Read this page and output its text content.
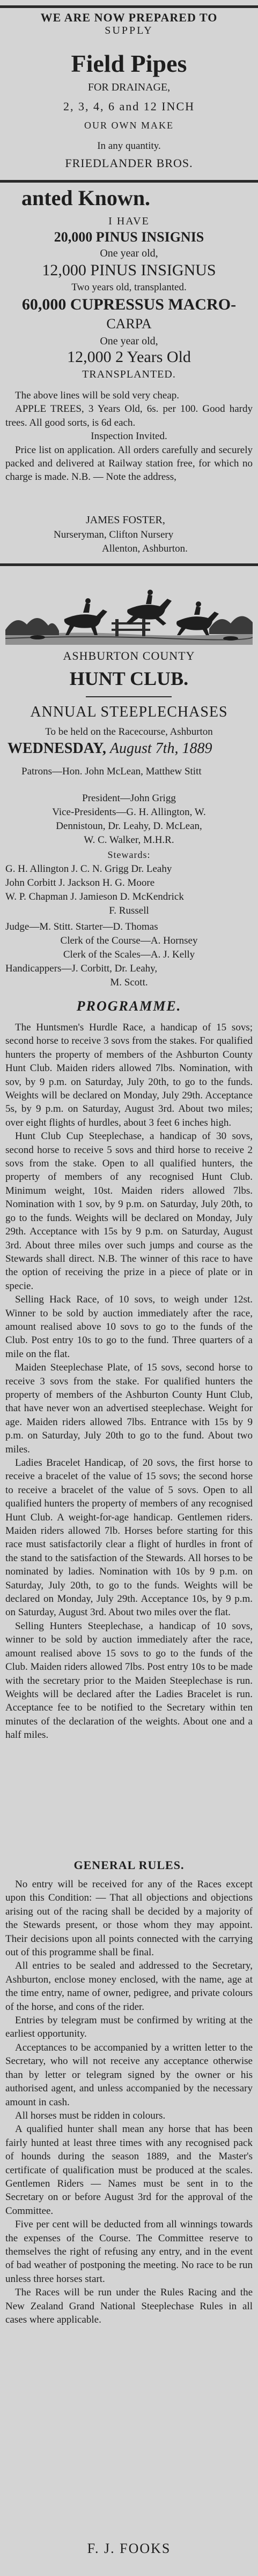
WE ARE NOW PREPARED TO
SUPPLY
Field Pipes
FOR DRAINAGE,
2, 3, 4, 6 and 12 INCH
OUR OWN MAKE
In any quantity.
FRIEDLANDER BROS.
anted Known.
I HAVE
20,000 PINUS INSIGNIS
One year old,
12,000 PINUS INSIGNUS
Two years old, transplanted.
60,000 CUPRESSUS MACRO-
CARPA
One year old,
12,000 2 Years Old
TRANSPLANTED.

The above lines will be sold very cheap.

APPLE TREES, 3 Years Old, 6s. per 100. Good hardy trees. All good sorts, is 6d each.

Inspection Invited.

Price list on application. All orders carefully and securely packed and delivered at Railway station free, for which no charge is made. N.B. — Note the address,

JAMES FOSTER,
Nurseryman, Clifton Nursery
Allenton, Ashburton.
ASHBURTON COUNTY
HUNT CLUB.
ANNUAL STEEPLECHASES
To be held on the Racecourse, Ashburton
WEDNESDAY, August 7th, 1889
Patrons—Hon. John McLean, Matthew Stitt
President—John Grigg
Vice-Presidents—G. H. Allington, W.
Dennistoun, Dr. Leahy, D. McLean,
W. C. Walker, M.H.R.
Stewards:
G. H. Allington J. C. N. Grigg Dr. Leahy
John Corbitt J. Jackson H. G. Moore
W. P. Chapman J. Jamieson D. McKendrick
F. Russell
Judge—M. Stitt. Starter—D. Thomas
Clerk of the Course—A. Hornsey
Clerk of the Scales—A. J. Kelly
Handicappers—J. Corbitt, Dr. Leahy,
M. Scott.
PROGRAMME.

The Huntsmen's Hurdle Race, a handicap of 15 sovs; second horse to receive 3 sovs from the stakes. For qualified hunters the property of members of the Ashburton County Hunt Club. Maiden riders allowed 7lbs. Nomination, with sov, by 9 p.m. on Saturday, July 20th, to go to the funds. Weights will be declared on Monday, July 29th. Acceptance 5s, by 9 p.m. on Saturday, August 3rd. About two miles; over eight flights of hurdles, about 3 feet 6 inches high.

Hunt Club Cup Steeplechase, a handicap of 30 sovs, second horse to receive 5 sovs and third horse to receive 2 sovs from the stake. Open to all qualified hunters, the property of members of any recognised Hunt Club. Minimum weight, 10st. Maiden riders allowed 7lbs. Nomination with 1 sov, by 9 p.m. on Saturday, July 20th, to go to the funds. Weights will be declared on Monday, July 29th. Acceptance with 15s by 9 p.m. on Saturday, August 3rd. About three miles over such jumps and course as the Stewards shall direct. N.B. The winner of this race to have the option of receiving the prize in a piece of plate or in specie.

Selling Hack Race, of 10 sovs, to weigh under 12st. Winner to be sold by auction immediately after the race, amount realised above 10 sovs to go to the funds of the Club. Post entry 10s to go to the fund. Three quarters of a mile on the flat.

Maiden Steeplechase Plate, of 15 sovs, second horse to receive 3 sovs from the stake. For qualified hunters the property of members of the Ashburton County Hunt Club, that have never won an advertised steeplechase. Weight for age. Maiden riders allowed 7lbs. Entrance with 15s by 9 p.m. on Saturday, July 20th to go to the fund. About two miles.

Ladies Bracelet Handicap, of 20 sovs, the first horse to receive a bracelet of the value of 15 sovs; the second horse to receive a bracelet of the value of 5 sovs. Open to all qualified hunters the property of members of any recognised Hunt Club. A weight-for-age handicap. Gentlemen riders. Maiden riders allowed 7lb. Horses before starting for this race must satisfactorily clear a flight of hurdles in front of the stand to the satisfaction of the Stewards. All horses to be nominated by ladies. Nomination with 10s by 9 p.m. on Saturday, July 20th, to go to the funds. Weights will be declared on Monday, July 29th. Acceptance 10s, by 9 p.m. on Saturday, August 3rd. About two miles over the flat.

Selling Hunters Steeplechase, a handicap of 10 sovs, winner to be sold by auction immediately after the race, amount realised above 15 sovs to go to the funds of the Club. Maiden riders allowed 7lbs. Post entry 10s to be made with the secretary prior to the Maiden Steeplechase is run. Weights will be declared after the Ladies Bracelet is run. Acceptance fee to be notified to the Secretary within ten minutes of the declaration of the weights. About one and a half miles.

GENERAL RULES.

No entry will be received for any of the Races except upon this Condition: — That all objections and objections arising out of the racing shall be decided by a majority of the Stewards present, or those whom they may appoint. Their decisions upon all points connected with the carrying out of this programme shall be final.

All entries to be sealed and addressed to the Secretary, Ashburton, enclose money enclosed, with the name, age at the time entry, name of owner, pedigree, and private colours of the horse, and cons of the rider.

Entries by telegram must be confirmed by writing at the earliest opportunity.

Acceptances to be accompanied by a written letter to the Secretary, who will not receive any acceptance otherwise than by letter or telegram signed by the owner or his authorised agent, and unless accompanied by the necessary amount in cash.

All horses must be ridden in colours.

A qualified hunter shall mean any horse that has been fairly hunted at least three times with any recognised pack of hounds during the season 1889, and the Master's certificate of qualification must be produced at the scales. Gentlemen Riders — Names must be sent in to the Secretary on or before August 3rd for the approval of the Committee.

Five per cent will be deducted from all winnings towards the expenses of the Course. The Committee reserve to themselves the right of refusing any entry, and in the event of bad weather of postponing the meeting. No race to be run unless three horses start.

The Races will be run under the Rules Racing and the New Zealand Grand National Steeplechase Rules in all cases where applicable.

F. J. FOOKS
